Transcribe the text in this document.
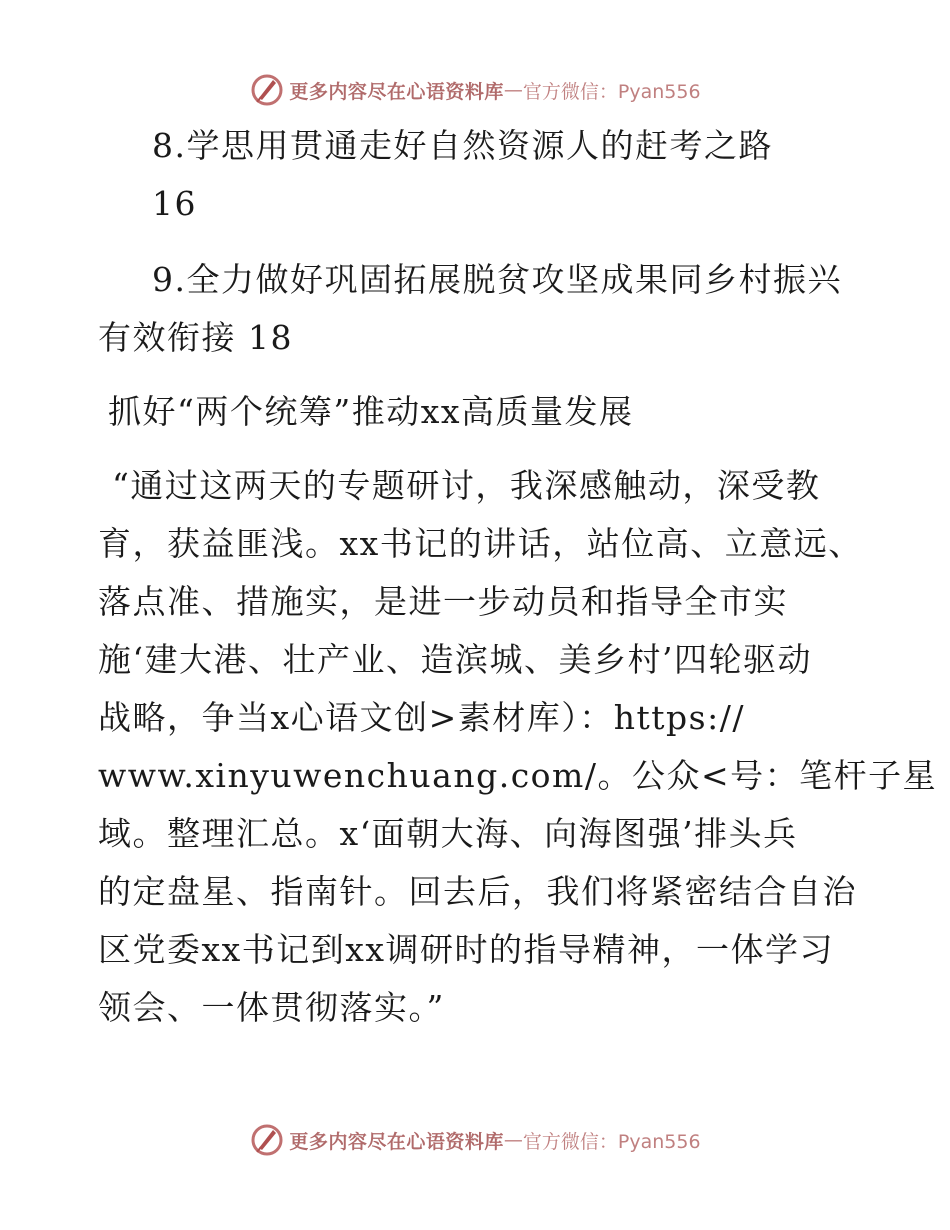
更多内容尽在心语资料库 — 官方微信：Pyan556
8.学思用贯通走好自然资源人的赶考之路
16
9.全力做好巩固拓展脱贫攻坚成果同乡村振兴
有效衔接 18
抓好“两个统筹”推动xx高质量发展
“通过这两天的专题研讨，我深感触动，深受教
育，获益匪浅。xx书记的讲话，站位高、立意远、
落点准、措施实，是进一步动员和指导全市实
施‘建大港、壮产业、造滨城、美乡村’四轮驱动
战略，争当x心语文创>素材库）：https://
www.xinyuwenchuang.com/。公众<号：笔杆子星
域。整理汇总。x‘面朝大海、向海图强’排头兵
的定盘星、指南针。回去后，我们将紧密结合自治
区党委xx书记到xx调研时的指导精神，一体学习
领会、一体贯彻落实。”
更多内容尽在心语资料库 — 官方微信：Pyan556
